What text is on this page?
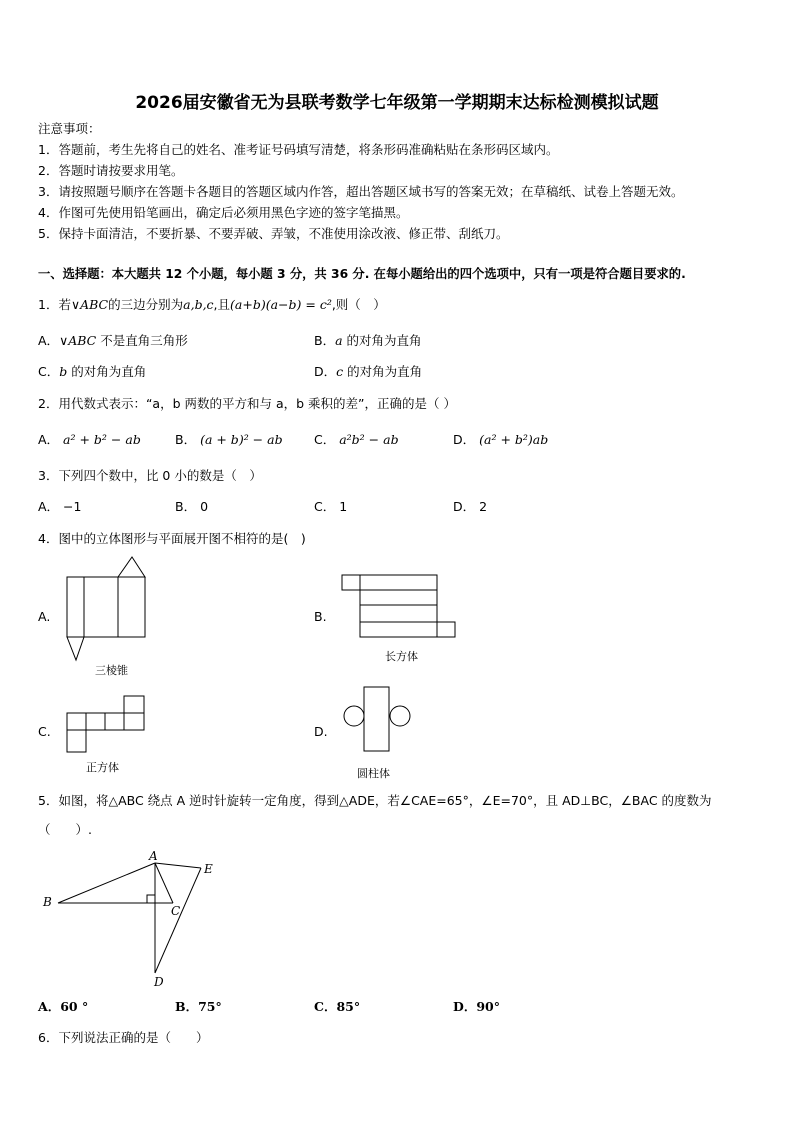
2026届安徽省无为县联考数学七年级第一学期期末达标检测模拟试题
注意事项：
1．答题前，考生先将自己的姓名、准考证号码填写清楚，将条形码准确粘贴在条形码区域内。
2．答题时请按要求用笔。
3．请按照题号顺序在答题卡各题目的答题区域内作答，超出答题区域书写的答案无效；在草稿纸、试卷上答题无效。
4．作图可先使用铅笔画出，确定后必须用黑色字迹的签字笔描黑。
5．保持卡面清洁，不要折暴、不要弄破、弄皱，不准使用涂改液、修正带、刮纸刀。
一、选择题：本大题共 12 个小题，每小题 3 分，共 36 分. 在每小题给出的四个选项中，只有一项是符合题目要求的.
1．若∨ABC的三边分别为a,b,c,且(a+b)(a−b) = c²,则（　）
A．∨ABC 不是直角三角形	B．a 的对角为直角
C．b 的对角为直角	D．c 的对角为直角
2．用代数式表示：“a，b 两数的平方和与 a，b 乘积的差”，正确的是（ ）
A． a² + b² − ab	B． (a + b)² − ab	C． a²b² − ab	D． (a² + b²)ab
3．下列四个数中，比 0 小的数是（　）
A． −1	B． 0	C． 1	D． 2
4．图中的立体图形与平面展开图不相符的是(　)
A.
三棱锥
B.
长方体
C.
正方体
D.
圆柱体
5．如图，将△ABC 绕点 A 逆时针旋转一定角度，得到△ADE，若∠CAE=65°，∠E=70°，且 AD⊥BC，∠BAC 的度数为
（　　）.
A
B
C
D
E
A．60 °	B．75°	C．85°	D．90°
6．下列说法正确的是（　　）
